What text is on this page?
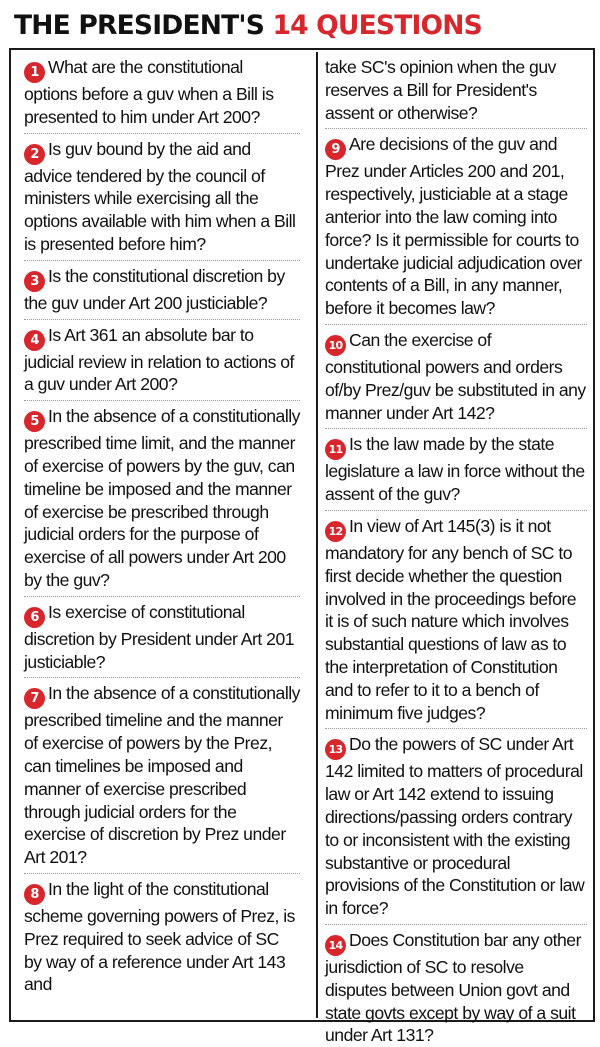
THE PRESIDENT'S 14 QUESTIONS
1 What are the constitutional options before a guv when a Bill is presented to him under Art 200?
2 Is guv bound by the aid and advice tendered by the council of ministers while exercising all the options available with him when a Bill is presented before him?
3 Is the constitutional discretion by the guv under Art 200 justiciable?
4 Is Art 361 an absolute bar to judicial review in relation to actions of a guv under Art 200?
5 In the absence of a constitutionally prescribed time limit, and the manner of exercise of powers by the guv, can timeline be imposed and the manner of exercise be prescribed through judicial orders for the purpose of exercise of all powers under Art 200 by the guv?
6 Is exercise of constitutional discretion by President under Art 201 justiciable?
7 In the absence of a constitutionally prescribed timeline and the manner of exercise of powers by the Prez, can timelines be imposed and manner of exercise prescribed through judicial orders for the exercise of discretion by Prez under Art 201?
8 In the light of the constitutional scheme governing powers of Prez, is Prez required to seek advice of SC by way of a reference under Art 143 and
take SC's opinion when the guv reserves a Bill for President's assent or otherwise?
9 Are decisions of the guv and Prez under Articles 200 and 201, respectively, justiciable at a stage anterior into the law coming into force? Is it permissible for courts to undertake judicial adjudication over contents of a Bill, in any manner, before it becomes law?
10 Can the exercise of constitutional powers and orders of/by Prez/guv be substituted in any manner under Art 142?
11 Is the law made by the state legislature a law in force without the assent of the guv?
12 In view of Art 145(3) is it not mandatory for any bench of SC to first decide whether the question involved in the proceedings before it is of such nature which involves substantial questions of law as to the interpretation of Constitution and to refer to it to a bench of minimum five judges?
13 Do the powers of SC under Art 142 limited to matters of procedural law or Art 142 extend to issuing directions/passing orders contrary to or inconsistent with the existing substantive or procedural provisions of the Constitution or law in force?
14 Does Constitution bar any other jurisdiction of SC to resolve disputes between Union govt and state govts except by way of a suit under Art 131?
